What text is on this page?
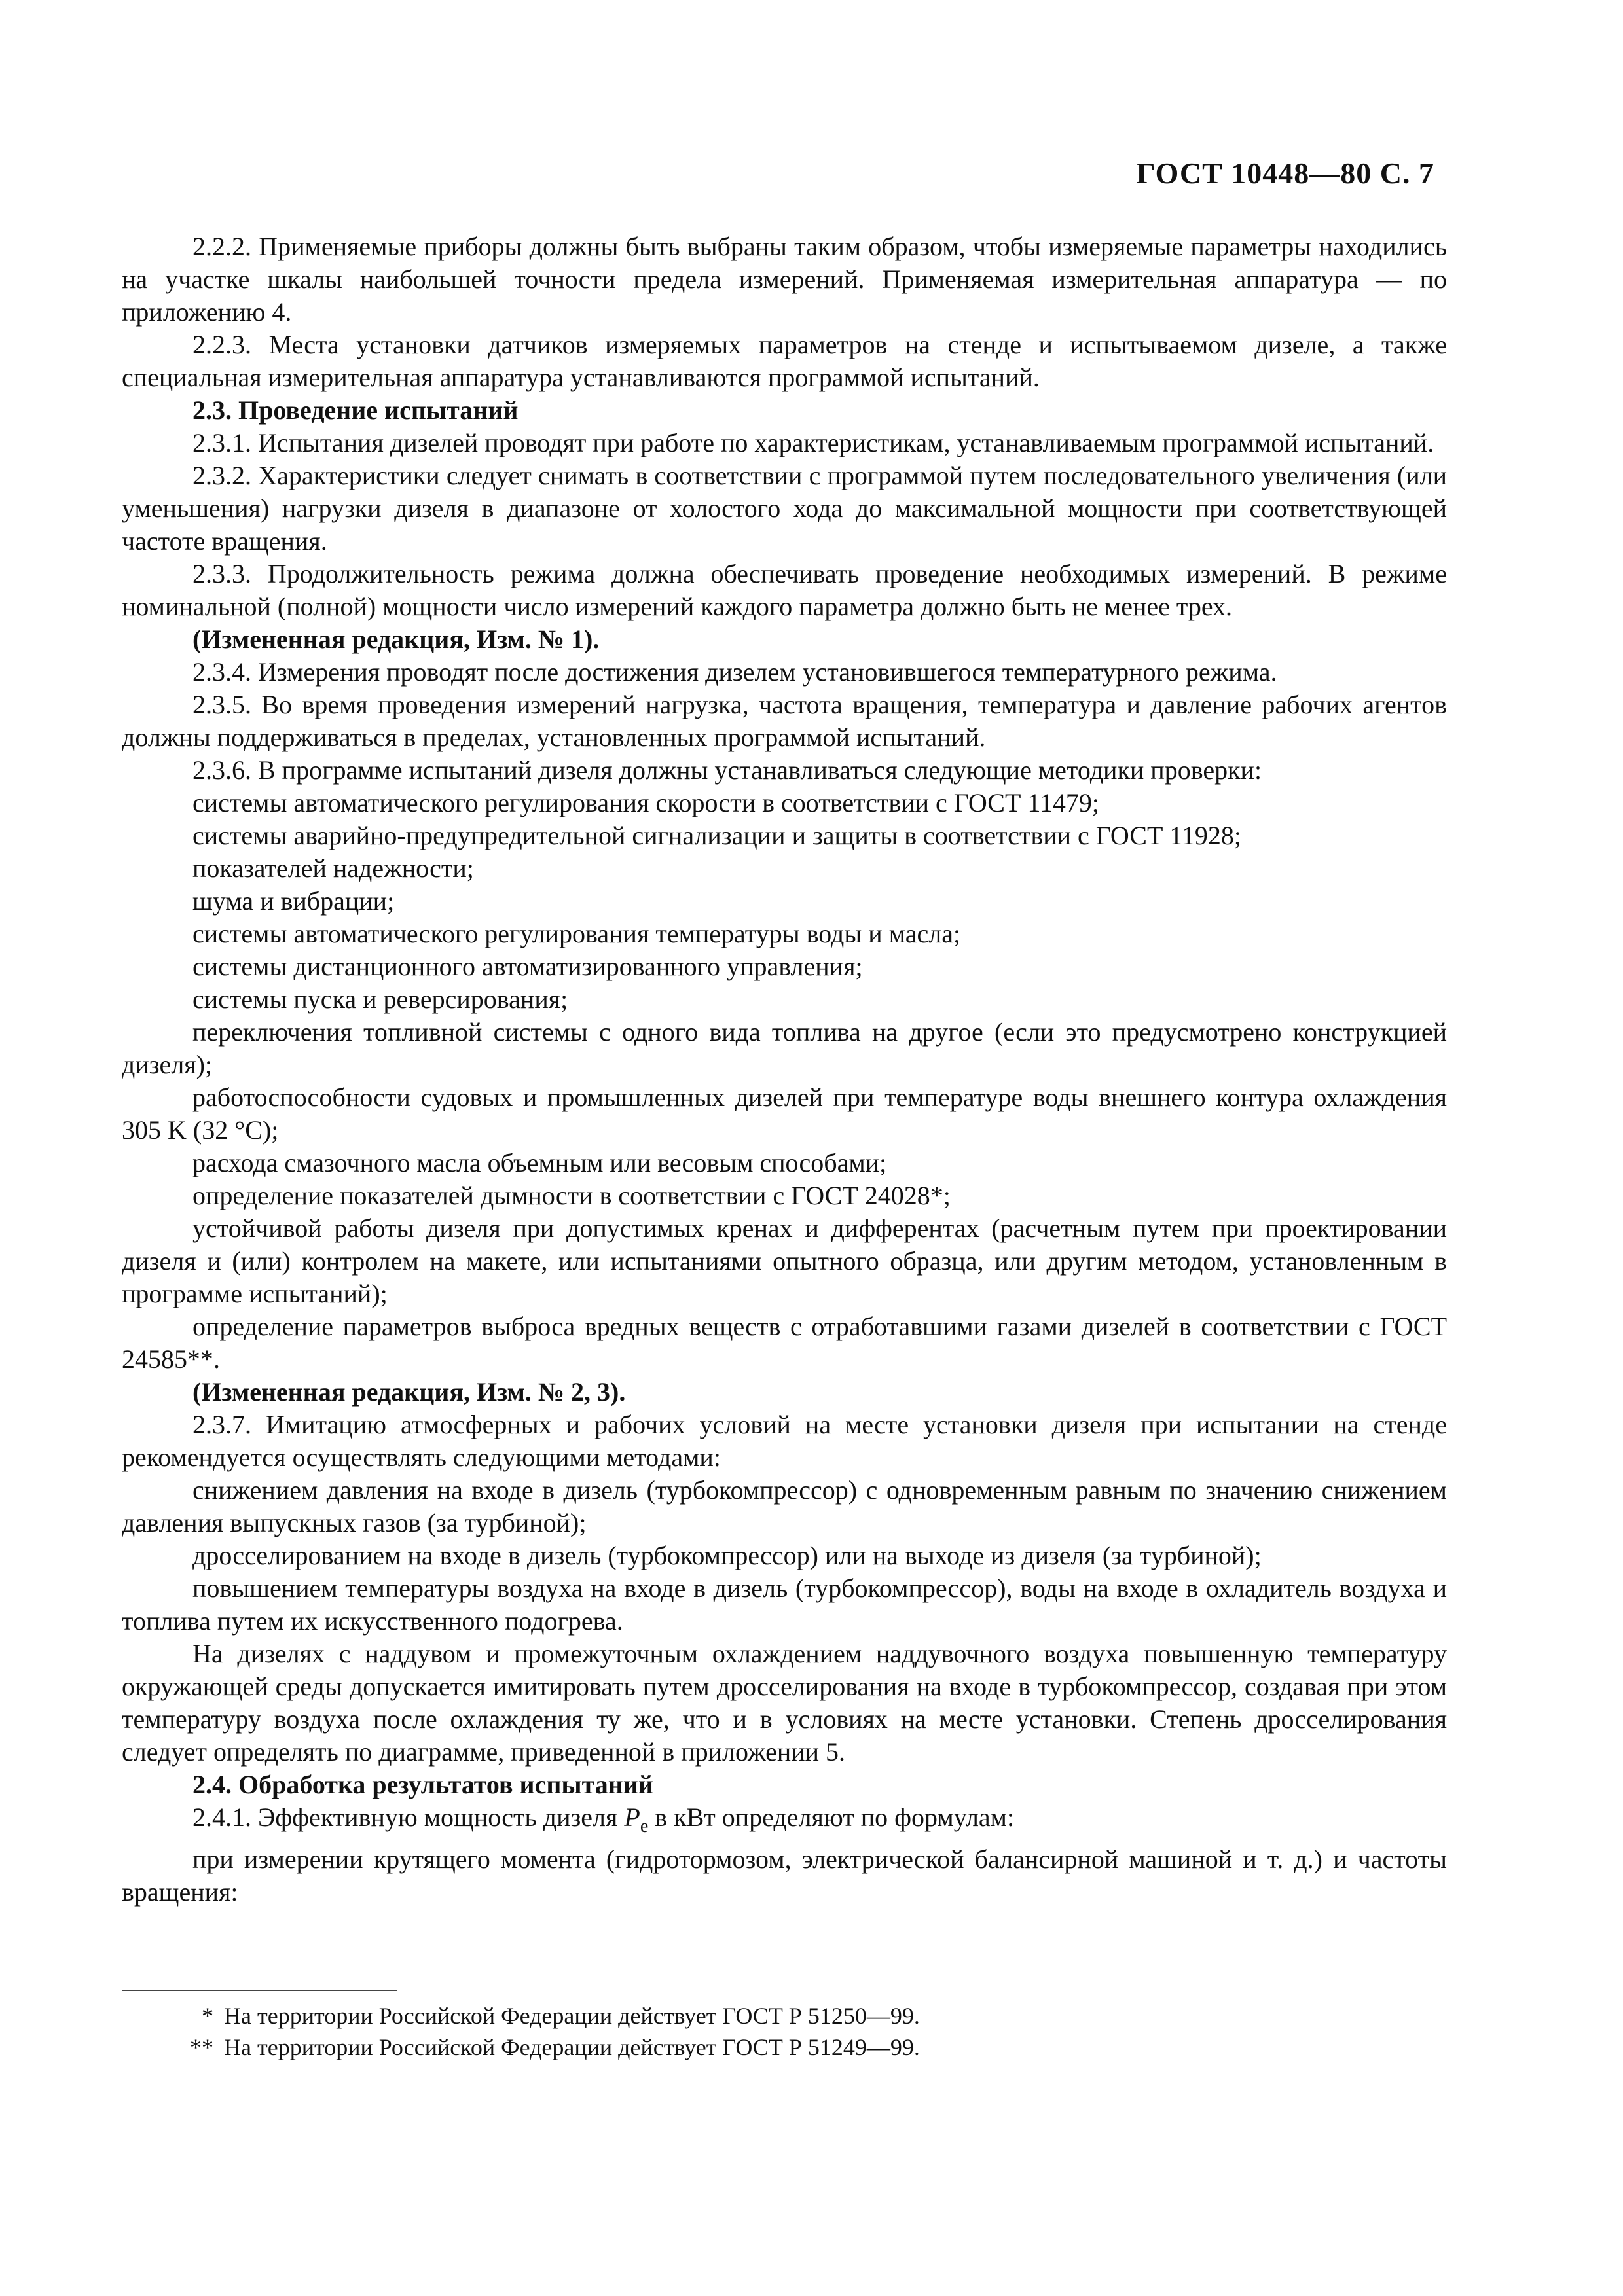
ГОСТ 10448—80 С. 7

2.2.2. Применяемые приборы должны быть выбраны таким образом, чтобы измеряемые параметры находились на участке шкалы наибольшей точности предела измерений. Применяемая измерительная аппаратура — по приложению 4.

2.2.3. Места установки датчиков измеряемых параметров на стенде и испытываемом дизеле, а также специальная измерительная аппаратура устанавливаются программой испытаний.

2.3. Проведение испытаний

2.3.1. Испытания дизелей проводят при работе по характеристикам, устанавливаемым программой испытаний.

2.3.2. Характеристики следует снимать в соответствии с программой путем последовательного увеличения (или уменьшения) нагрузки дизеля в диапазоне от холостого хода до максимальной мощности при соответствующей частоте вращения.

2.3.3. Продолжительность режима должна обеспечивать проведение необходимых измерений. В режиме номинальной (полной) мощности число измерений каждого параметра должно быть не менее трех.

(Измененная редакция, Изм. № 1).

2.3.4. Измерения проводят после достижения дизелем установившегося температурного режима.

2.3.5. Во время проведения измерений нагрузка, частота вращения, температура и давление рабочих агентов должны поддерживаться в пределах, установленных программой испытаний.

2.3.6. В программе испытаний дизеля должны устанавливаться следующие методики проверки:

системы автоматического регулирования скорости в соответствии с ГОСТ 11479;

системы аварийно-предупредительной сигнализации и защиты в соответствии с ГОСТ 11928;

показателей надежности;

шума и вибрации;

системы автоматического регулирования температуры воды и масла;

системы дистанционного автоматизированного управления;

системы пуска и реверсирования;

переключения топливной системы с одного вида топлива на другое (если это предусмотрено конструкцией дизеля);

работоспособности судовых и промышленных дизелей при температуре воды внешнего контура охлаждения 305 K (32 °C);

расхода смазочного масла объемным или весовым способами;

определение показателей дымности в соответствии с ГОСТ 24028*;

устойчивой работы дизеля при допустимых кренах и дифферентах (расчетным путем при проектировании дизеля и (или) контролем на макете, или испытаниями опытного образца, или другим методом, установленным в программе испытаний);

определение параметров выброса вредных веществ с отработавшими газами дизелей в соответствии с ГОСТ 24585**.

(Измененная редакция, Изм. № 2, 3).

2.3.7. Имитацию атмосферных и рабочих условий на месте установки дизеля при испытании на стенде рекомендуется осуществлять следующими методами:

снижением давления на входе в дизель (турбокомпрессор) с одновременным равным по значению снижением давления выпускных газов (за турбиной);

дросселированием на входе в дизель (турбокомпрессор) или на выходе из дизеля (за турбиной);

повышением температуры воздуха на входе в дизель (турбокомпрессор), воды на входе в охладитель воздуха и топлива путем их искусственного подогрева.

На дизелях с наддувом и промежуточным охлаждением наддувочного воздуха повышенную температуру окружающей среды допускается имитировать путем дросселирования на входе в турбокомпрессор, создавая при этом температуру воздуха после охлаждения ту же, что и в условиях на месте установки. Степень дросселирования следует определять по диаграмме, приведенной в приложении 5.

2.4. Обработка результатов испытаний

2.4.1. Эффективную мощность дизеля $P_e$ в кВт определяют по формулам:

при измерении крутящего момента (гидротормозом, электрической балансирной машиной и т. д.) и частоты вращения:

* На территории Российской Федерации действует ГОСТ Р 51250—99.
** На территории Российской Федерации действует ГОСТ Р 51249—99.
